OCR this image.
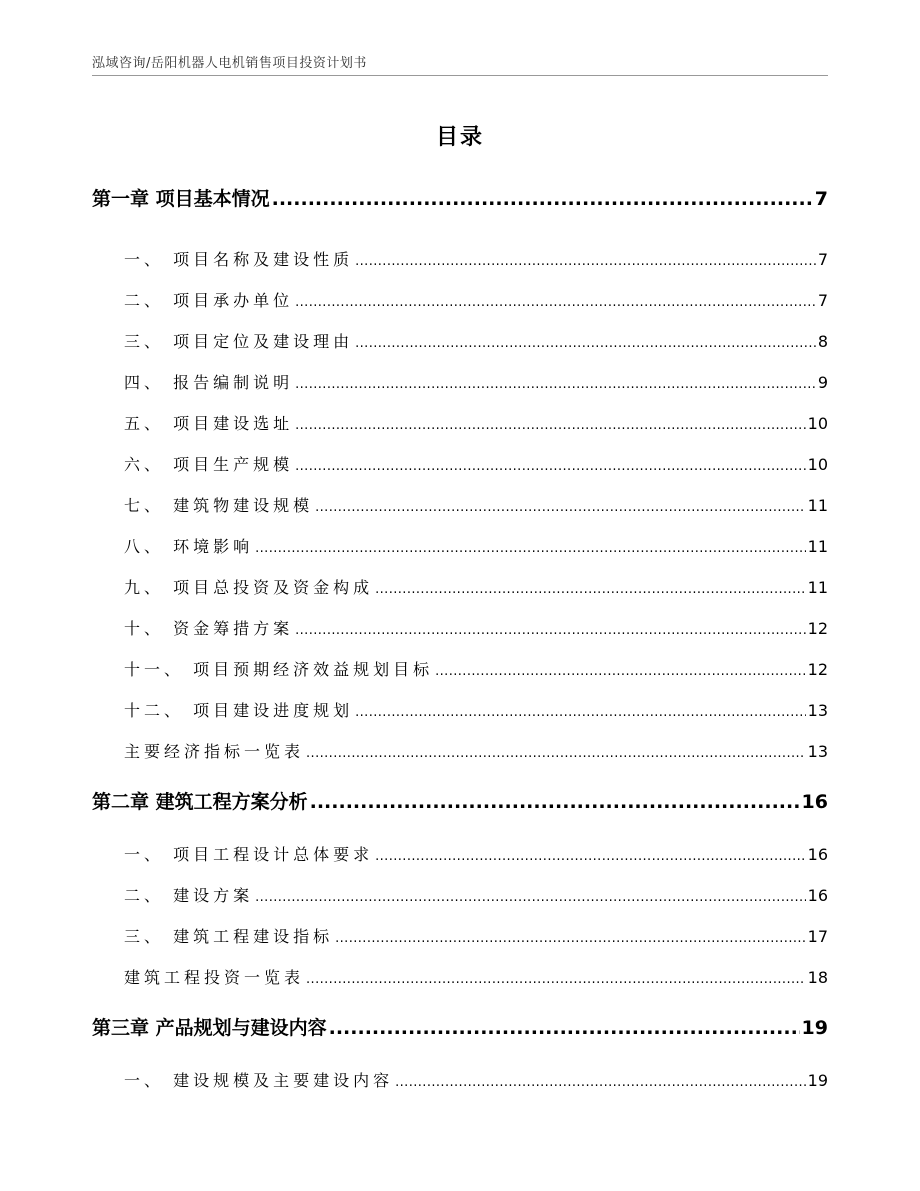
泓域咨询/岳阳机器人电机销售项目投资计划书
目录
第一章 项目基本情况 .....	7
一、 项目名称及建设性质 .....	7
二、 项目承办单位 .....	7
三、 项目定位及建设理由 .....	8
四、 报告编制说明 .....	9
五、 项目建设选址 .....	10
六、 项目生产规模 .....	10
七、 建筑物建设规模 .....	11
八、 环境影响 .....	11
九、 项目总投资及资金构成 .....	11
十、 资金筹措方案 .....	12
十一、 项目预期经济效益规划目标 .....	12
十二、 项目建设进度规划 .....	13
主要经济指标一览表 .....	13
第二章 建筑工程方案分析 .....	16
一、 项目工程设计总体要求 .....	16
二、 建设方案 .....	16
三、 建筑工程建设指标 .....	17
建筑工程投资一览表 .....	18
第三章 产品规划与建设内容 .....	19
一、 建设规模及主要建设内容 .....	19
